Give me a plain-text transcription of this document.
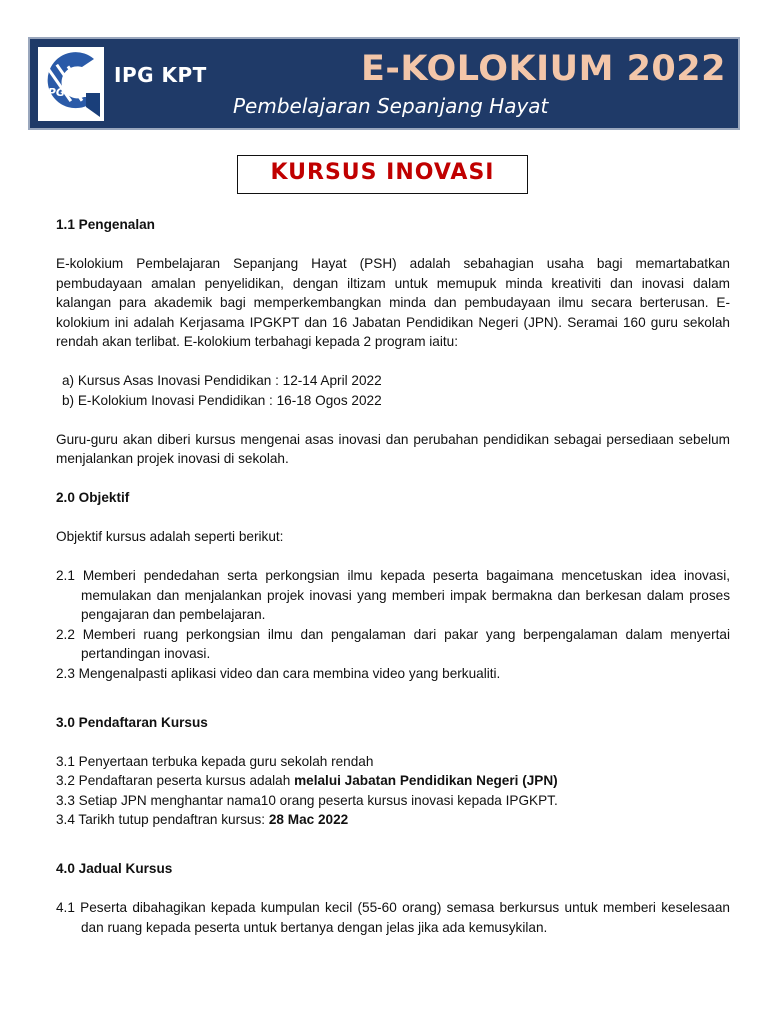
iPG
IPG KPT	E-KOLOKIUM 2022
Pembelajaran Sepanjang Hayat
KURSUS INOVASI

1.1 Pengenalan

E-kolokium Pembelajaran Sepanjang Hayat (PSH) adalah sebahagian usaha bagi memartabatkan pembudayaan amalan penyelidikan, dengan iltizam untuk memupuk minda kreativiti dan inovasi dalam kalangan para akademik bagi memperkembangkan minda dan pembudayaan ilmu secara berterusan. E-kolokium ini adalah Kerjasama IPGKPT dan 16 Jabatan Pendidikan Negeri (JPN). Seramai 160 guru sekolah rendah akan terlibat. E-kolokium terbahagi kepada 2 program iaitu:

a) Kursus Asas Inovasi Pendidikan : 12-14 April 2022

b) E-Kolokium Inovasi Pendidikan : 16-18 Ogos 2022

Guru-guru akan diberi kursus mengenai asas inovasi dan perubahan pendidikan sebagai persediaan sebelum menjalankan projek inovasi di sekolah.

2.0 Objektif

Objektif kursus adalah seperti berikut:

2.1 Memberi pendedahan serta perkongsian ilmu kepada peserta bagaimana mencetuskan idea inovasi, memulakan dan menjalankan projek inovasi yang memberi impak bermakna dan berkesan dalam proses pengajaran dan pembelajaran.

2.2 Memberi ruang perkongsian ilmu dan pengalaman dari pakar yang berpengalaman dalam menyertai pertandingan inovasi.

2.3 Mengenalpasti aplikasi video dan cara membina video yang berkualiti.

3.0 Pendaftaran Kursus

3.1 Penyertaan terbuka kepada guru sekolah rendah

3.2 Pendaftaran peserta kursus adalah melalui Jabatan Pendidikan Negeri (JPN)

3.3 Setiap JPN menghantar nama10 orang peserta kursus inovasi kepada IPGKPT.

3.4 Tarikh tutup pendaftran kursus: 28 Mac 2022

4.0 Jadual Kursus

4.1 Peserta dibahagikan kepada kumpulan kecil (55-60 orang) semasa berkursus untuk memberi keselesaan dan ruang kepada peserta untuk bertanya dengan jelas jika ada kemusykilan.
